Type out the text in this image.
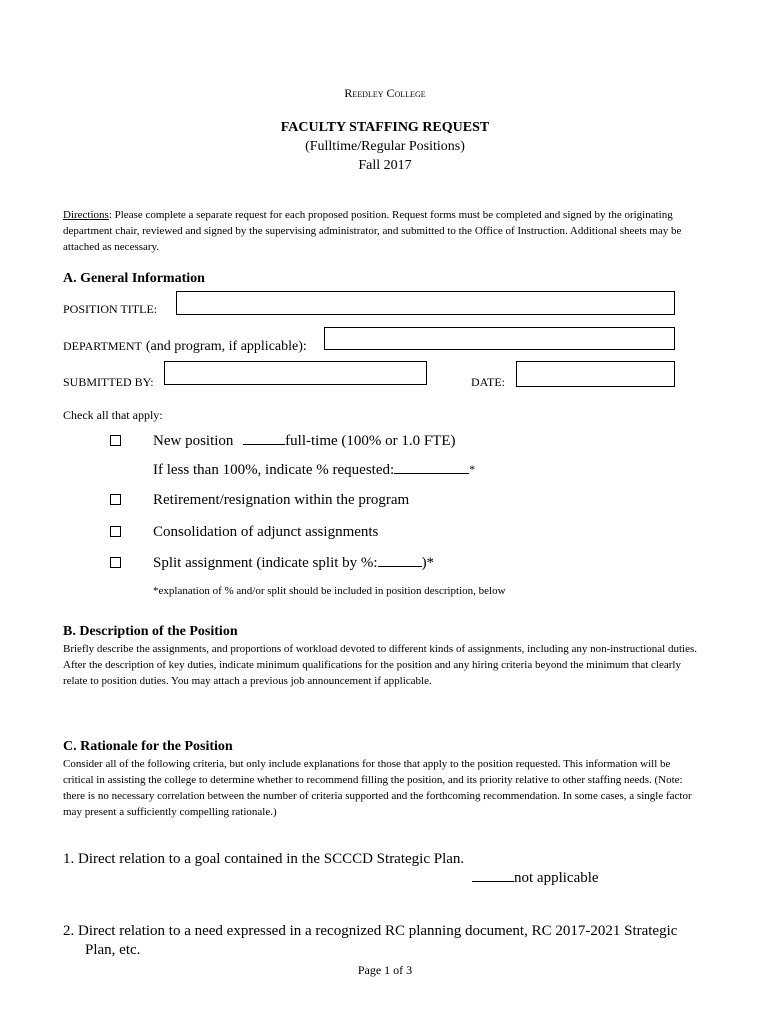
Reedley College
FACULTY STAFFING REQUEST
(Fulltime/Regular Positions)
Fall 2017
Directions: Please complete a separate request for each proposed position. Request forms must be completed and signed by the originating department chair, reviewed and signed by the supervising administrator, and submitted to the Office of Instruction. Additional sheets may be attached as necessary.
A. General Information
POSITION TITLE:
DEPARTMENT (and program, if applicable):
SUBMITTED BY:	DATE:
Check all that apply:
New position	full-time (100% or 1.0 FTE)
If less than 100%, indicate % requested:	*
Retirement/resignation within the program
Consolidation of adjunct assignments
Split assignment (indicate split by %:	)*
*explanation of % and/or split should be included in position description, below
B. Description of the Position
Briefly describe the assignments, and proportions of workload devoted to different kinds of assignments, including any non-instructional duties. After the description of key duties, indicate minimum qualifications for the position and any hiring criteria beyond the minimum that clearly relate to position duties. You may attach a previous job announcement if applicable.
C. Rationale for the Position
Consider all of the following criteria, but only include explanations for those that apply to the position requested. This information will be critical in assisting the college to determine whether to recommend filling the position, and its priority relative to other staffing needs. (Note: there is no necessary correlation between the number of criteria supported and the forthcoming recommendation. In some cases, a single factor may present a sufficiently compelling rationale.)
1. Direct relation to a goal contained in the SCCCD Strategic Plan.
not applicable
2. Direct relation to a need expressed in a recognized RC planning document, RC 2017-2021 Strategic
Plan, etc.
Page 1 of 3
